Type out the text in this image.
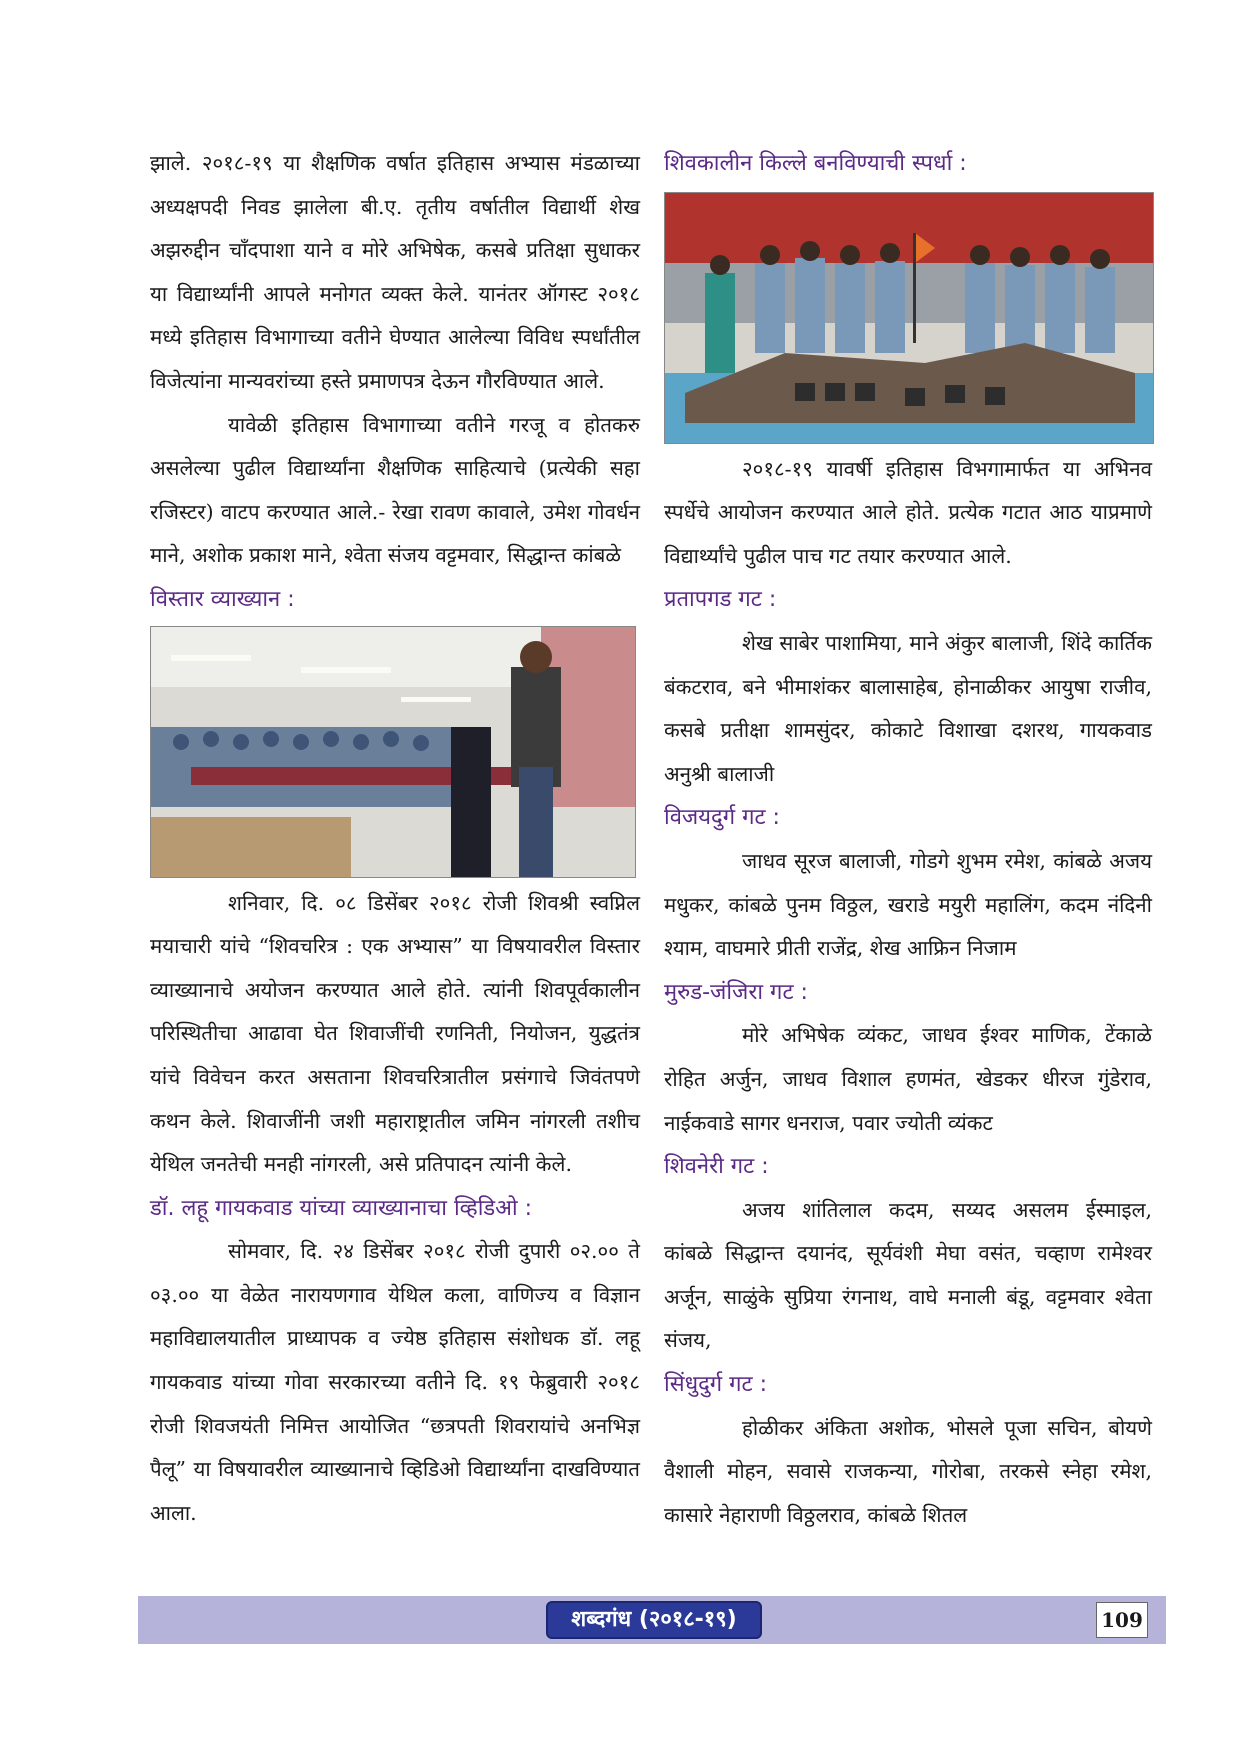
झाले. २०१८-१९ या शैक्षणिक वर्षात इतिहास अभ्यास मंडळाच्या अध्यक्षपदी निवड झालेला बी.ए. तृतीय वर्षातील विद्यार्थी शेख अझरुद्दीन चाँदपाशा याने व मोरे अभिषेक, कसबे प्रतिक्षा सुधाकर या विद्यार्थ्यांनी आपले मनोगत व्यक्त केले. यानंतर ऑगस्ट २०१८ मध्ये इतिहास विभागाच्या वतीने घेण्यात आलेल्या विविध स्पर्धांतील विजेत्यांना मान्यवरांच्या हस्ते प्रमाणपत्र देऊन गौरविण्यात आले.

यावेळी इतिहास विभागाच्या वतीने गरजू व होतकरु असलेल्या पुढील विद्यार्थ्यांना शैक्षणिक साहित्याचे (प्रत्येकी सहा रजिस्टर) वाटप करण्यात आले.- रेखा रावण कावाले, उमेश गोवर्धन माने, अशोक प्रकाश माने, श्वेता संजय वट्टमवार, सिद्धान्त कांबळे

विस्तार व्याख्यान :

शनिवार, दि. ०८ डिसेंबर २०१८ रोजी शिवश्री स्वप्निल मयाचारी यांचे “शिवचरित्र : एक अभ्यास” या विषयावरील विस्तार व्याख्यानाचे अयोजन करण्यात आले होते. त्यांनी शिवपूर्वकालीन परिस्थितीचा आढावा घेत शिवाजींची रणनिती, नियोजन, युद्धतंत्र यांचे विवेचन करत असताना शिवचरित्रातील प्रसंगाचे जिवंतपणे कथन केले. शिवाजींनी जशी महाराष्ट्रातील जमिन नांगरली तशीच येथिल जनतेची मनही नांगरली, असे प्रतिपादन त्यांनी केले.

डॉ. लहू गायकवाड यांच्या व्याख्यानाचा व्हिडिओ :

सोमवार, दि. २४ डिसेंबर २०१८ रोजी दुपारी ०२.०० ते ०३.०० या वेळेत नारायणगाव येथिल कला, वाणिज्य व विज्ञान महाविद्यालयातील प्राध्यापक व ज्येष्ठ इतिहास संशोधक डॉ. लहू गायकवाड यांच्या गोवा सरकारच्या वतीने दि. १९ फेब्रुवारी २०१८ रोजी शिवजयंती निमित्त आयोजित “छत्रपती शिवरायांचे अनभिज्ञ पैलू” या विषयावरील व्याख्यानाचे व्हिडिओ विद्यार्थ्यांना दाखविण्यात आला.

शिवकालीन किल्ले बनविण्याची स्पर्धा :

२०१८-१९ यावर्षी इतिहास विभगामार्फत या अभिनव स्पर्धेचे आयोजन करण्यात आले होते. प्रत्येक गटात आठ याप्रमाणे विद्यार्थ्यांचे पुढील पाच गट तयार करण्यात आले.

प्रतापगड गट :

शेख साबेर पाशामिया, माने अंकुर बालाजी, शिंदे कार्तिक बंकटराव, बने भीमाशंकर बालासाहेब, होनाळीकर आयुषा राजीव, कसबे प्रतीक्षा शामसुंदर, कोकाटे विशाखा दशरथ, गायकवाड अनुश्री बालाजी

विजयदुर्ग गट :

जाधव सूरज बालाजी, गोडगे शुभम रमेश, कांबळे अजय मधुकर, कांबळे पुनम विठ्ठल, खराडे मयुरी महालिंग, कदम नंदिनी श्याम, वाघमारे प्रीती राजेंद्र, शेख आफ्रिन निजाम

मुरुड-जंजिरा गट :

मोरे अभिषेक व्यंकट, जाधव ईश्वर माणिक, टेंकाळे रोहित अर्जुन, जाधव विशाल हणमंत, खेडकर धीरज गुंडेराव, नाईकवाडे सागर धनराज, पवार ज्योती व्यंकट

शिवनेरी गट :

अजय शांतिलाल कदम, सय्यद असलम ईस्माइल, कांबळे सिद्धान्त दयानंद, सूर्यवंशी मेघा वसंत, चव्हाण रामेश्वर अर्जून, साळुंके सुप्रिया रंगनाथ, वाघे मनाली बंडू, वट्टमवार श्वेता संजय,

सिंधुदुर्ग गट :

होळीकर अंकिता अशोक, भोसले पूजा सचिन, बोयणे वैशाली मोहन, सवासे राजकन्या, गोरोबा, तरकसे स्नेहा रमेश, कासारे नेहाराणी विठ्ठलराव, कांबळे शितल

शब्दगंध (२०१८-१९)	109
